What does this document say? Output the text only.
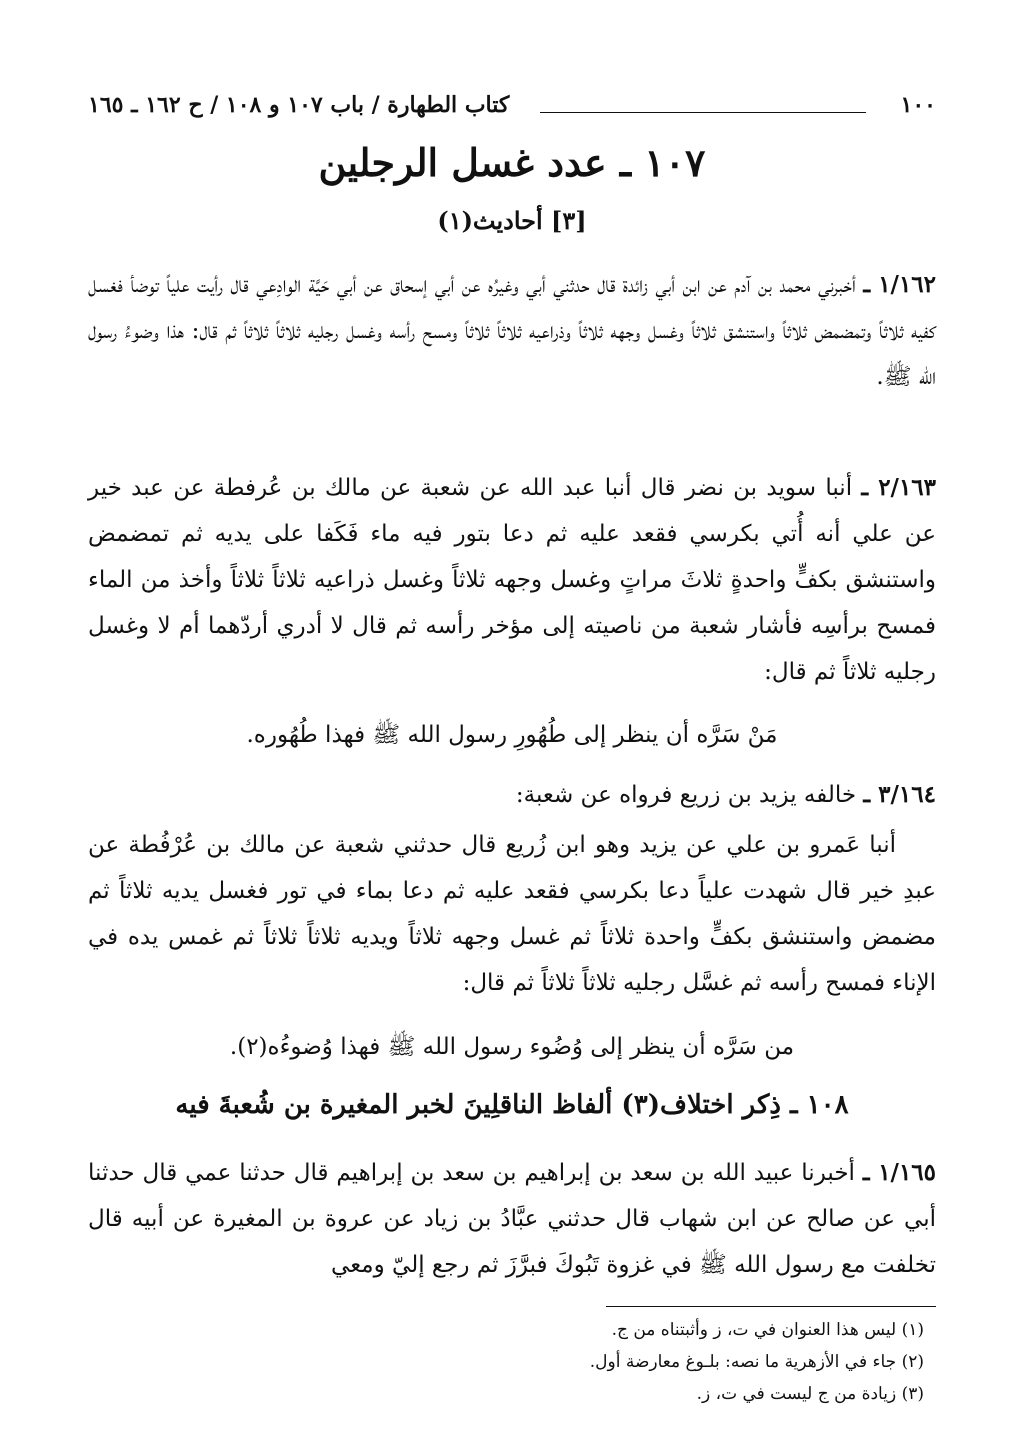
١٠٠
كتاب الطهارة / باب ١٠٧ و ١٠٨ / ح ١٦٢ ـ ١٦٥
١٠٧ ـ عدد غسل الرجلين
[٣] أحاديث(١)
١/١٦٢ ـ أخبرني محمد بن آدم عن ابن أبي زائدة قال حدثني أبي وغيرُه عن أبي إسحاق عن أبي حَيَّة الوادِعي قال رأيت علياً توضأ فغسل كفيه ثلاثاً وتمضمض ثلاثاً واستنشق ثلاثاً وغسل وجهه ثلاثاً وذراعيه ثلاثاً ثلاثاً ومسح رأسه وغسل رجليه ثلاثاً ثلاثاً ثم قال: هذا وضوءُ رسول الله ﷺ.
٢/١٦٣ ـ أنبا سويد بن نضر قال أنبا عبد الله عن شعبة عن مالك بن عُرفطة عن عبد خير عن علي أنه أُتي بكرسي فقعد عليه ثم دعا بتور فيه ماء فَكَفا على يديه ثم تمضمض واستنشق بكفٍّ واحدةٍ ثلاثَ مراتٍ وغسل وجهه ثلاثاً وغسل ذراعيه ثلاثاً ثلاثاً وأخذ من الماء فمسح برأسِه فأشار شعبة من ناصيته إلى مؤخر رأسه ثم قال لا أدري أردّهما أم لا وغسل رجليه ثلاثاً ثم قال:
مَنْ سَرَّه أن ينظر إلى طُهُورِ رسول الله ﷺ فهذا طُهُوره.
٣/١٦٤ ـ خالفه يزيد بن زريع فرواه عن شعبة:
أنبا عَمرو بن علي عن يزيد وهو ابن زُريع قال حدثني شعبة عن مالك بن عُرْفُطة عن عبدِ خير قال شهدت علياً دعا بكرسي فقعد عليه ثم دعا بماء في تور فغسل يديه ثلاثاً ثم مضمض واستنشق بكفٍّ واحدة ثلاثاً ثم غسل وجهه ثلاثاً ويديه ثلاثاً ثلاثاً ثم غمس يده في الإناء فمسح رأسه ثم غسَّل رجليه ثلاثاً ثلاثاً ثم قال:
من سَرَّه أن ينظر إلى وُضُوء رسول الله ﷺ فهذا وُضوءُه(٢).
١٠٨ ـ ذِكر اختلاف(٣) ألفاظ الناقلِينَ لخبر المغيرة بن شُعبةَ فيه
١/١٦٥ ـ أخبرنا عبيد الله بن سعد بن إبراهيم بن سعد بن إبراهيم قال حدثنا عمي قال حدثنا أبي عن صالح عن ابن شهاب قال حدثني عبَّادُ بن زياد عن عروة بن المغيرة عن أبيه قال تخلفت مع رسول الله ﷺ في غزوة تَبُوكَ فبرَّزَ ثم رجع إليّ ومعي
(١) ليس هذا العنوان في ت، ز وأثبتناه من ج.
(٢) جاء في الأزهرية ما نصه: بلـوغ معارضة أول.
(٣) زيادة من ج ليست في ت، ز.
